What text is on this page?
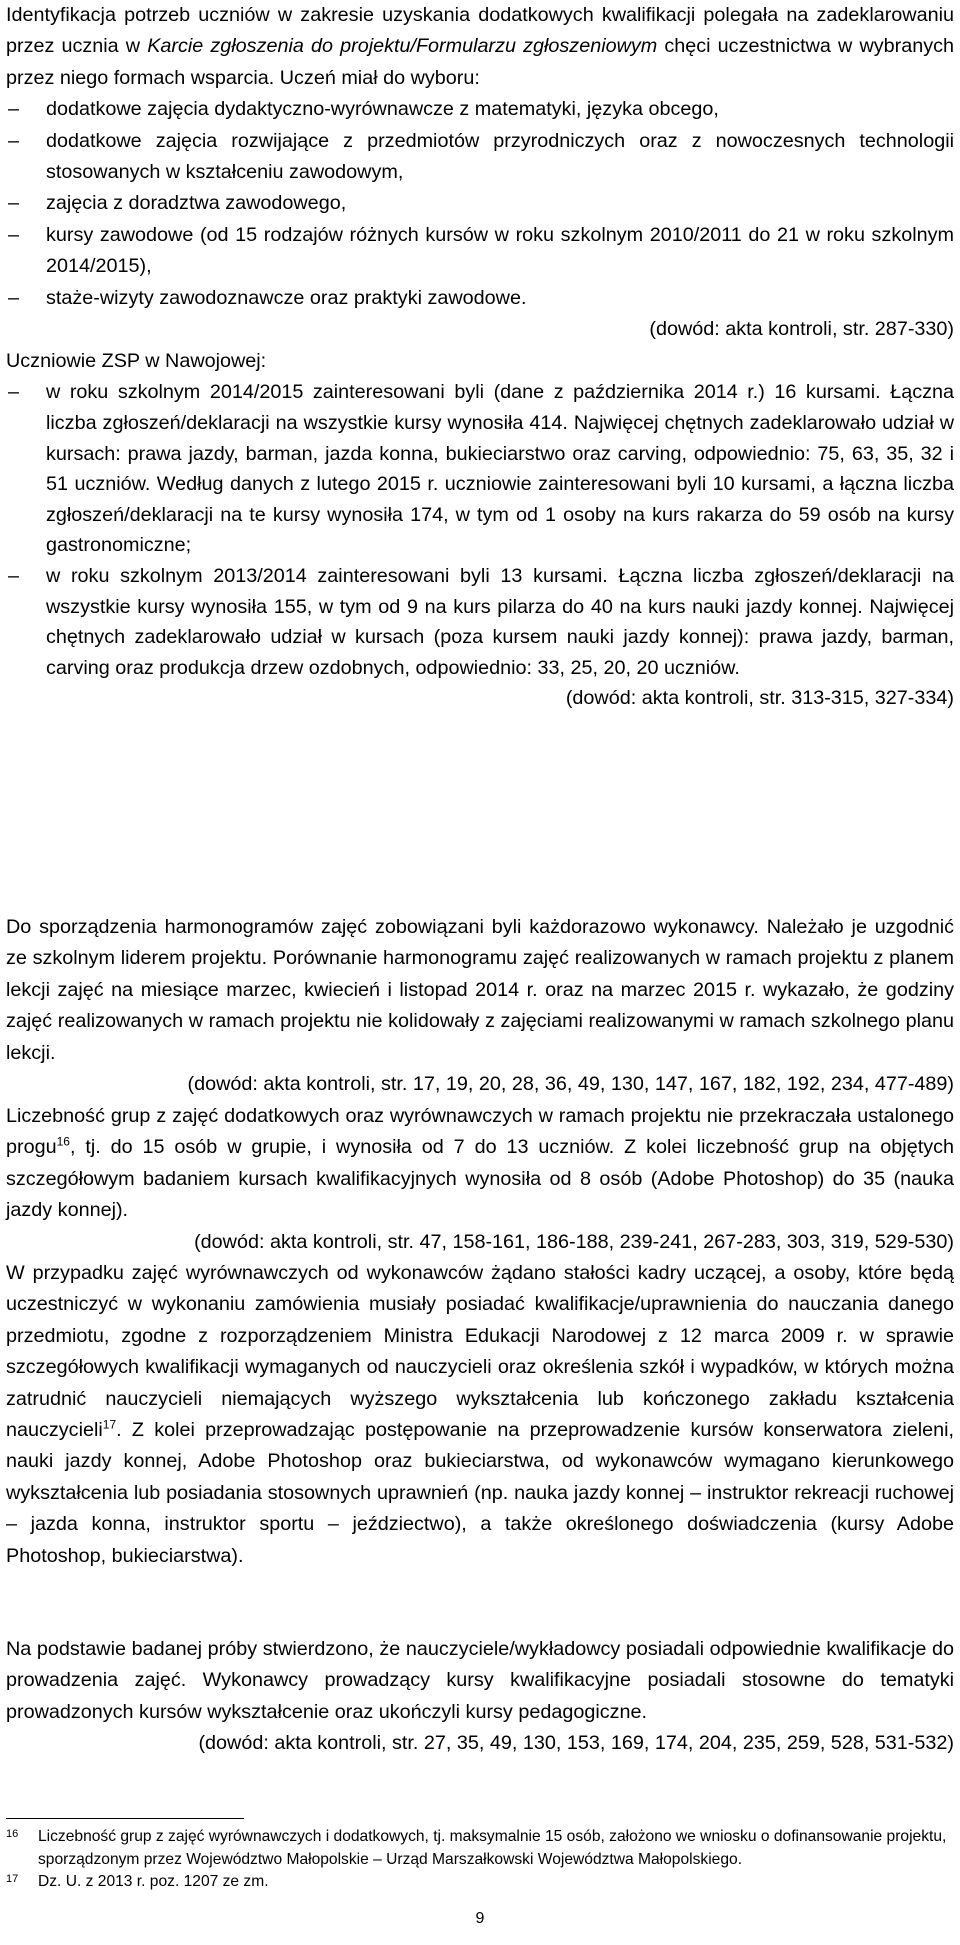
Identyfikacja potrzeb uczniów w zakresie uzyskania dodatkowych kwalifikacji polegała na zadeklarowaniu przez ucznia w Karcie zgłoszenia do projektu/Formularzu zgłoszeniowym chęci uczestnictwa w wybranych przez niego formach wsparcia. Uczeń miał do wyboru:

– dodatkowe zajęcia dydaktyczno-wyrównawcze z matematyki, języka obcego,
– dodatkowe zajęcia rozwijające z przedmiotów przyrodniczych oraz z nowoczesnych technologii stosowanych w kształceniu zawodowym,
– zajęcia z doradztwa zawodowego,
– kursy zawodowe (od 15 rodzajów różnych kursów w roku szkolnym 2010/2011 do 21 w roku szkolnym 2014/2015),
– staże-wizyty zawodoznawcze oraz praktyki zawodowe.

(dowód: akta kontroli, str. 287-330)

Uczniowie ZSP w Nawojowej:

– w roku szkolnym 2014/2015 zainteresowani byli (dane z października 2014 r.) 16 kursami. Łączna liczba zgłoszeń/deklaracji na wszystkie kursy wynosiła 414. Najwięcej chętnych zadeklarowało udział w kursach: prawa jazdy, barman, jazda konna, bukieciarstwo oraz carving, odpowiednio: 75, 63, 35, 32 i 51 uczniów. Według danych z lutego 2015 r. uczniowie zainteresowani byli 10 kursami, a łączna liczba zgłoszeń/deklaracji na te kursy wynosiła 174, w tym od 1 osoby na kurs rakarza do 59 osób na kursy gastronomiczne;
– w roku szkolnym 2013/2014 zainteresowani byli 13 kursami. Łączna liczba zgłoszeń/deklaracji na wszystkie kursy wynosiła 155, w tym od 9 na kurs pilarza do 40 na kurs nauki jazdy konnej. Najwięcej chętnych zadeklarowało udział w kursach (poza kursem nauki jazdy konnej): prawa jazdy, barman, carving oraz produkcja drzew ozdobnych, odpowiednio: 33, 25, 20, 20 uczniów.

(dowód: akta kontroli, str. 313-315, 327-334)

Do sporządzenia harmonogramów zajęć zobowiązani byli każdorazowo wykonawcy. Należało je uzgodnić ze szkolnym liderem projektu. Porównanie harmonogramu zajęć realizowanych w ramach projektu z planem lekcji zajęć na miesiące marzec, kwiecień i listopad 2014 r. oraz na marzec 2015 r. wykazało, że godziny zajęć realizowanych w ramach projektu nie kolidowały z zajęciami realizowanymi w ramach szkolnego planu lekcji.

(dowód: akta kontroli, str. 17, 19, 20, 28, 36, 49, 130, 147, 167, 182, 192, 234, 477-489)

Liczebność grup z zajęć dodatkowych oraz wyrównawczych w ramach projektu nie przekraczała ustalonego progu$^{16}$, tj. do 15 osób w grupie, i wynosiła od 7 do 13 uczniów. Z kolei liczebność grup na objętych szczegółowym badaniem kursach kwalifikacyjnych wynosiła od 8 osób (Adobe Photoshop) do 35 (nauka jazdy konnej).

(dowód: akta kontroli, str. 47, 158-161, 186-188, 239-241, 267-283, 303, 319, 529-530)

W przypadku zajęć wyrównawczych od wykonawców żądano stałości kadry uczącej, a osoby, które będą uczestniczyć w wykonaniu zamówienia musiały posiadać kwalifikacje/uprawnienia do nauczania danego przedmiotu, zgodne z rozporządzeniem Ministra Edukacji Narodowej z 12 marca 2009 r. w sprawie szczegółowych kwalifikacji wymaganych od nauczycieli oraz określenia szkół i wypadków, w których można zatrudnić nauczycieli niemających wyższego wykształcenia lub kończonego zakładu kształcenia nauczycieli$^{17}$. Z kolei przeprowadzając postępowanie na przeprowadzenie kursów konserwatora zieleni, nauki jazdy konnej, Adobe Photoshop oraz bukieciarstwa, od wykonawców wymagano kierunkowego wykształcenia lub posiadania stosownych uprawnień (np. nauka jazdy konnej – instruktor rekreacji ruchowej – jazda konna, instruktor sportu – jeździectwo), a także określonego doświadczenia (kursy Adobe Photoshop, bukieciarstwa).

Na podstawie badanej próby stwierdzono, że nauczyciele/wykładowcy posiadali odpowiednie kwalifikacje do prowadzenia zajęć. Wykonawcy prowadzący kursy kwalifikacyjne posiadali stosowne do tematyki prowadzonych kursów wykształcenie oraz ukończyli kursy pedagogiczne.

(dowód: akta kontroli, str. 27, 35, 49, 130, 153, 169, 174, 204, 235, 259, 528, 531-532)

16 Liczebność grup z zajęć wyrównawczych i dodatkowych, tj. maksymalnie 15 osób, założono we wniosku o dofinansowanie projektu, sporządzonym przez Województwo Małopolskie – Urząd Marszałkowski Województwa Małopolskiego.

17 Dz. U. z 2013 r. poz. 1207 ze zm.

9
